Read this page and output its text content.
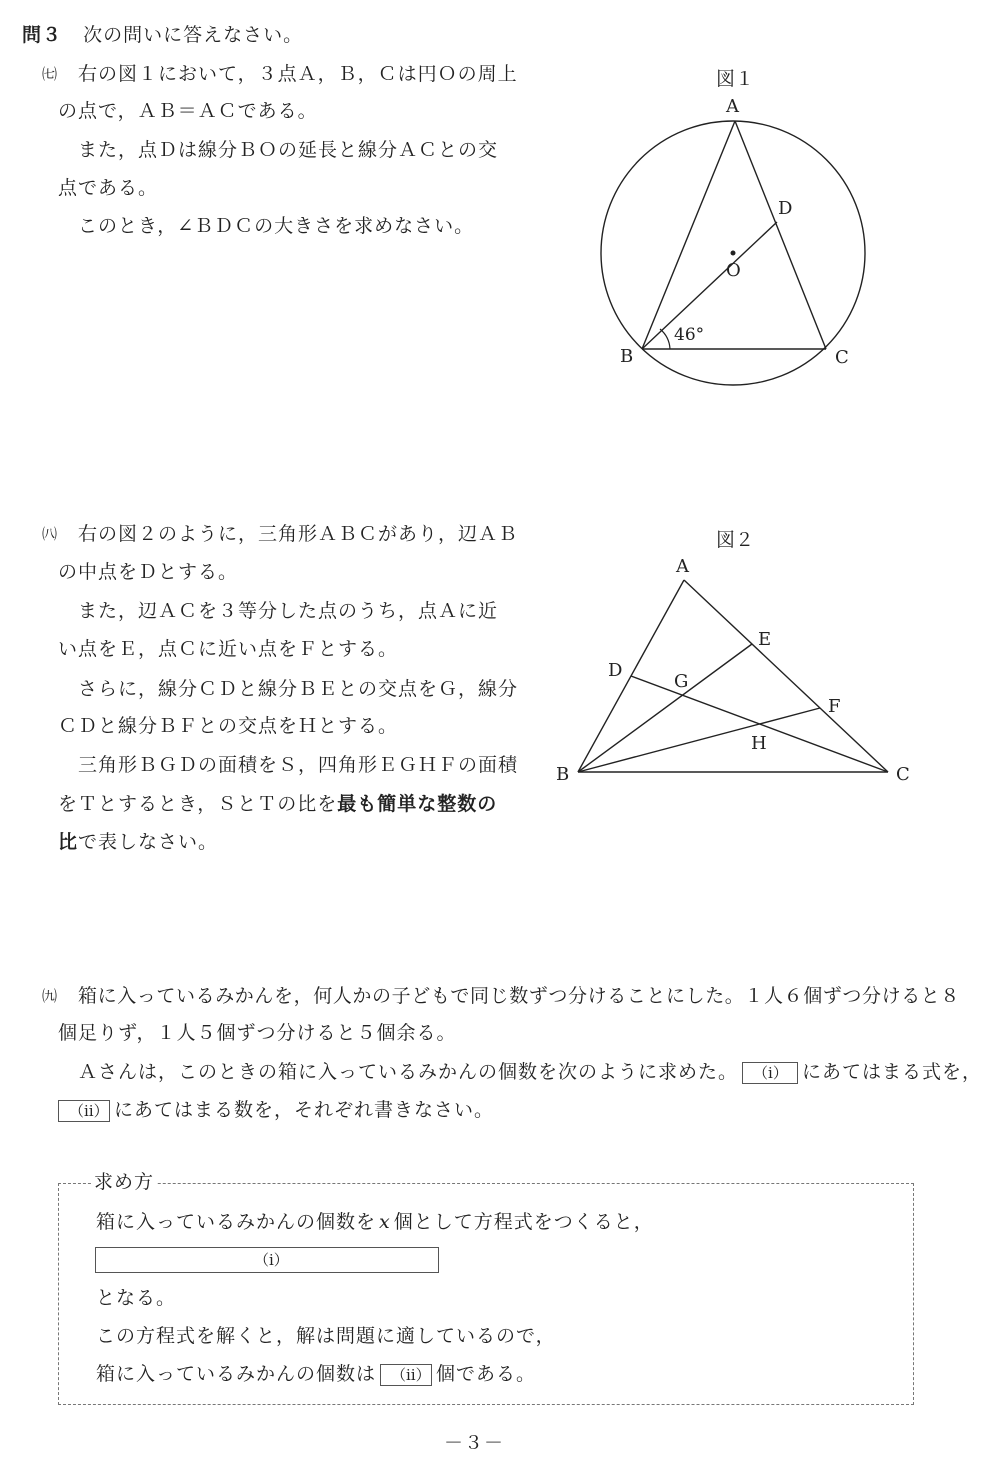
問３ 次の問いに答えなさい。
㈦ 右の図１において，３点Ａ，Ｂ，Ｃは円Ｏの周上
の点で，ＡＢ＝ＡＣである。
また，点Ｄは線分ＢＯの延長と線分ＡＣとの交
点である。
このとき，∠ＢＤＣの大きさを求めなさい。
図１
A
B	C
D
O
46°
㈧ 右の図２のように，三角形ＡＢＣがあり，辺ＡＢ
の中点をＤとする。
また，辺ＡＣを３等分した点のうち，点Ａに近
い点をＥ，点Ｃに近い点をＦとする。
さらに，線分ＣＤと線分ＢＥとの交点をＧ，線分
ＣＤと線分ＢＦとの交点をＨとする。
三角形ＢＧＤの面積をＳ，四角形ＥＧＨＦの面積
をＴとするとき，ＳとＴの比を最も簡単な整数の
比で表しなさい。
図２
A
B	C
D
E
F
G
H
㈨ 箱に入っているみかんを，何人かの子どもで同じ数ずつ分けることにした。１人６個ずつ分けると８
個足りず，１人５個ずつ分けると５個余る。
Ａさんは，このときの箱に入っているみかんの個数を次のように求めた。 （ⅰ） にあてはまる式を，
（ⅱ） にあてはまる数を，それぞれ書きなさい。
求め方
箱に入っているみかんの個数を x 個として方程式をつくると，
（ⅰ）
となる。
この方程式を解くと，解は問題に適しているので，
箱に入っているみかんの個数は （ⅱ） 個である。
－３－
